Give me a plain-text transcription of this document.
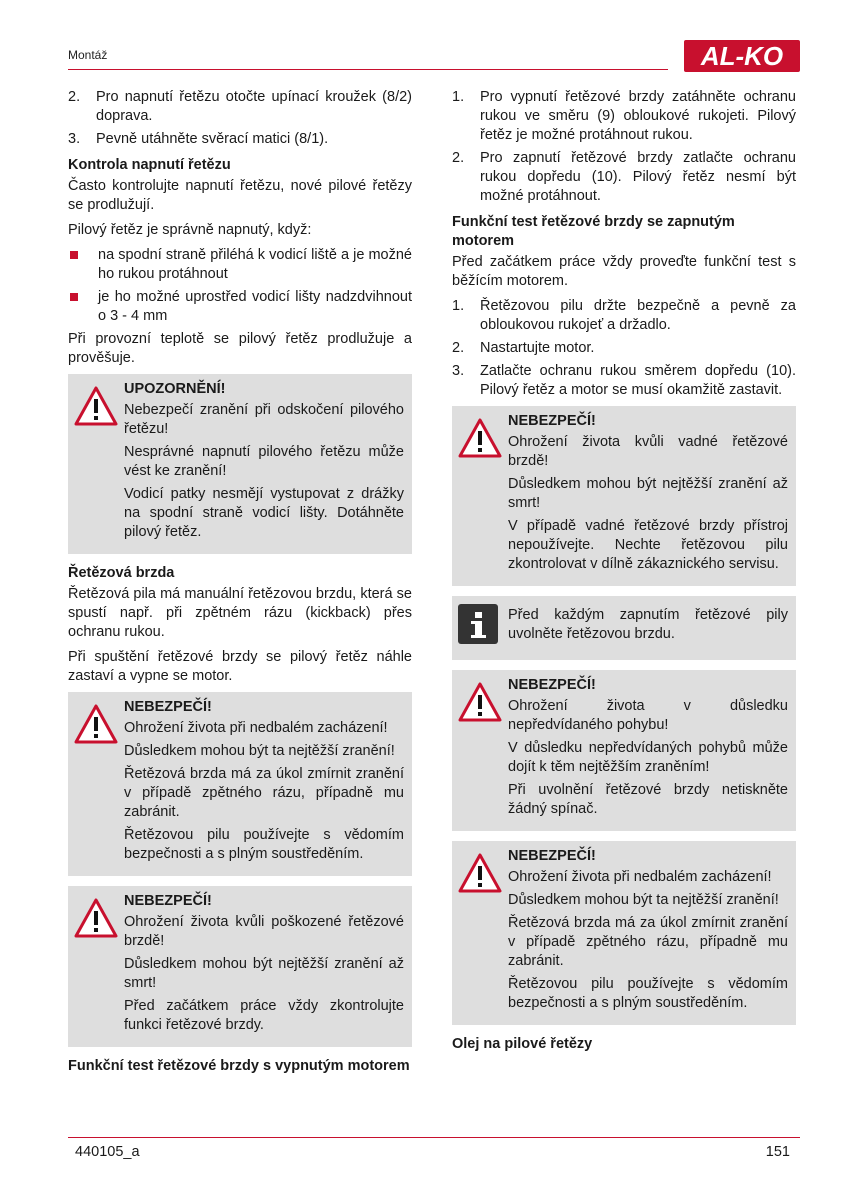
Montáž	AL-KO
2. Pro napnutí řetězu otočte upínací kroužek (8/2) doprava.
3. Pevně utáhněte svěrací matici (8/1).
Kontrola napnutí řetězu

Často kontrolujte napnutí řetězu, nové pilové řetězy se prodlužují.

Pilový řetěz je správně napnutý, když:

na spodní straně přiléhá k vodicí liště a je možné ho rukou protáhnout
je ho možné uprostřed vodicí lišty nadzdvihnout o 3 - 4 mm

Při provozní teplotě se pilový řetěz prodlužuje a prověšuje.

UPOZORNĚNÍ!

Nebezpečí zranění při odskočení pilového řetězu!

Nesprávné napnutí pilového řetězu může vést ke zranění!

Vodicí patky nesmějí vystupovat z drážky na spodní straně vodicí lišty. Dotáhněte pilový řetěz.

Řetězová brzda

Řetězová pila má manuální řetězovou brzdu, která se spustí např. při zpětném rázu (kickback) přes ochranu rukou.

Při spuštění řetězové brzdy se pilový řetěz náhle zastaví a vypne se motor.

NEBEZPEČÍ!

Ohrožení života při nedbalém zacházení!

Důsledkem mohou být ta nejtěžší zranění!

Řetězová brzda má za úkol zmírnit zranění v případě zpětného rázu, případně mu zabránit.

Řetězovou pilu používejte s vědomím bezpečnosti a s plným soustředěním.

NEBEZPEČÍ!

Ohrožení života kvůli poškozené řetězové brzdě!

Důsledkem mohou být nejtěžší zranění až smrt!

Před začátkem práce vždy zkontrolujte funkci řetězové brzdy.

Funkční test řetězové brzdy s vypnutým motorem
1. Pro vypnutí řetězové brzdy zatáhněte ochranu rukou ve směru (9) obloukové rukojeti. Pilový řetěz je možné protáhnout rukou.
2. Pro zapnutí řetězové brzdy zatlačte ochranu rukou dopředu (10). Pilový řetěz nesmí být možné protáhnout.
Funkční test řetězové brzdy se zapnutým motorem

Před začátkem práce vždy proveďte funkční test s běžícím motorem.

1. Řetězovou pilu držte bezpečně a pevně za obloukovou rukojeť a držadlo.
2. Nastartujte motor.
3. Zatlačte ochranu rukou směrem dopředu (10). Pilový řetěz a motor se musí okamžitě zastavit.
NEBEZPEČÍ!

Ohrožení života kvůli vadné řetězové brzdě!

Důsledkem mohou být nejtěžší zranění až smrt!

V případě vadné řetězové brzdy přístroj nepoužívejte. Nechte řetězovou pilu zkontrolovat v dílně zákaznického servisu.

Před každým zapnutím řetězové pily uvolněte řetězovou brzdu.

NEBEZPEČÍ!

Ohrožení života v důsledku nepředvídaného pohybu!

V důsledku nepředvídaných pohybů může dojít k těm nejtěžším zraněním!

Při uvolnění řetězové brzdy netiskněte žádný spínač.

NEBEZPEČÍ!

Ohrožení života při nedbalém zacházení!

Důsledkem mohou být ta nejtěžší zranění!

Řetězová brzda má za úkol zmírnit zranění v případě zpětného rázu, případně mu zabránit.

Řetězovou pilu používejte s vědomím bezpečnosti a s plným soustředěním.

Olej na pilové řetězy
440105_a	151
